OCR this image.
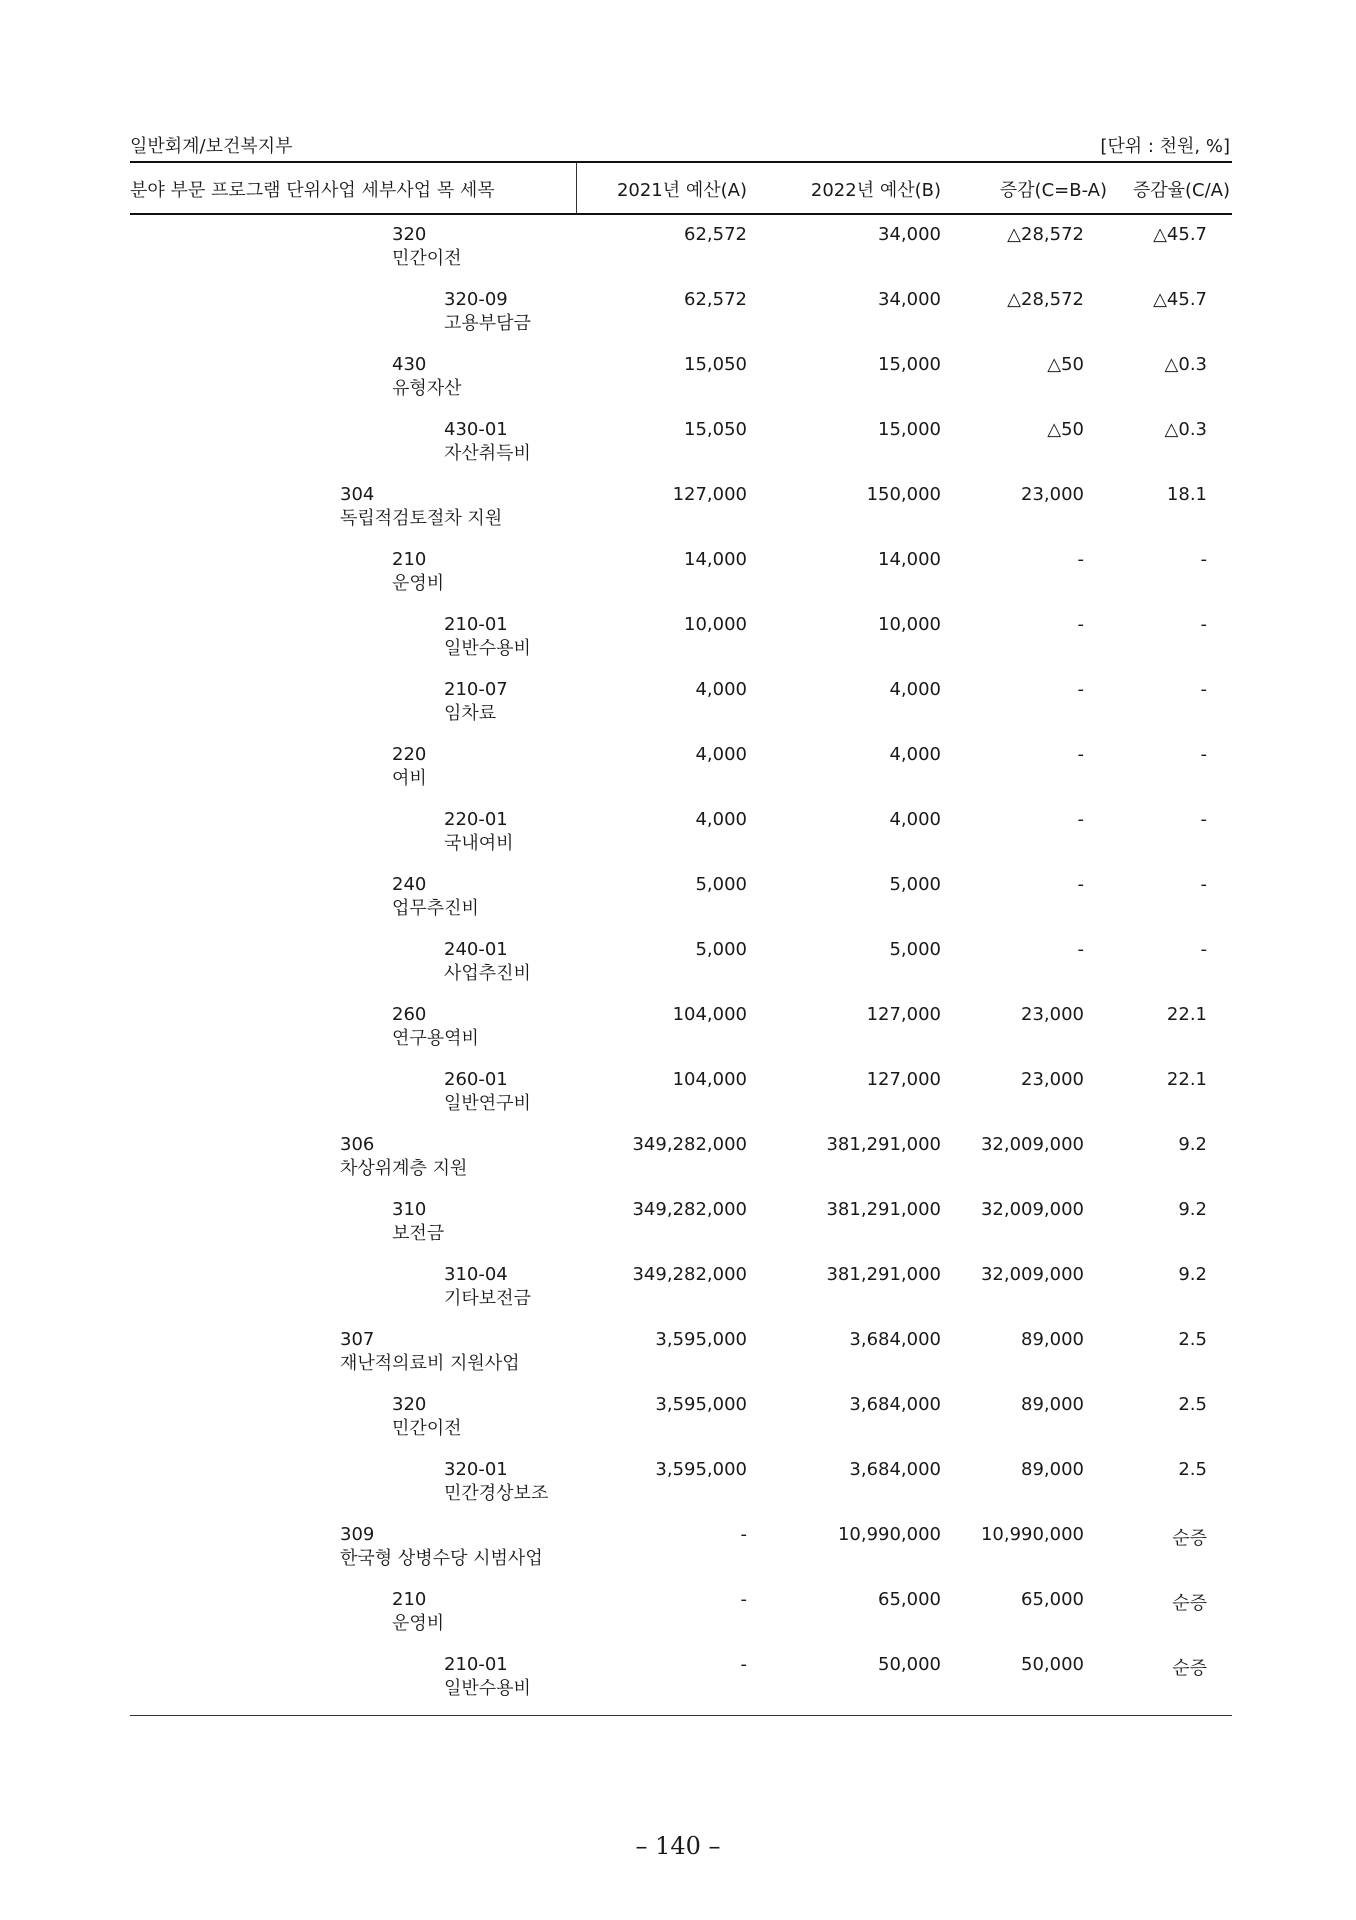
일반회계/보건복지부	[단위 : 천원, %]
분야 부문 프로그램 단위사업 세부사업 목 세목	2021년 예산(A)	2022년 예산(B)	증감(C=B-A) 증감율(C/A)
320
민간이전
62,572	34,000	△28,572	△45.7
320-09
고용부담금
62,572	34,000	△28,572	△45.7
430
유형자산
15,050	15,000	△50	△0.3
430-01
자산취득비
15,050	15,000	△50	△0.3
304
독립적검토절차 지원
127,000	150,000	23,000	18.1
210
운영비
14,000	14,000	-	-
210-01
일반수용비
10,000	10,000	-	-
210-07
임차료
4,000	4,000	-	-
220
여비
4,000	4,000	-	-
220-01
국내여비
4,000	4,000	-	-
240
업무추진비
5,000	5,000	-	-
240-01
사업추진비
5,000	5,000	-	-
260
연구용역비
104,000	127,000	23,000	22.1
260-01
일반연구비
104,000	127,000	23,000	22.1
306
차상위계층 지원
349,282,000	381,291,000 32,009,000	9.2
310
보전금
349,282,000	381,291,000 32,009,000	9.2
310-04
기타보전금
349,282,000	381,291,000 32,009,000	9.2
307
재난적의료비 지원사업
3,595,000	3,684,000	89,000	2.5
320
민간이전
3,595,000	3,684,000	89,000	2.5
320-01
민간경상보조
3,595,000	3,684,000	89,000	2.5
309
한국형 상병수당 시범사업
-	10,990,000 10,990,000	순증
210
운영비
-	65,000	65,000	순증
210-01
일반수용비
-	50,000	50,000	순증
– 140 –
